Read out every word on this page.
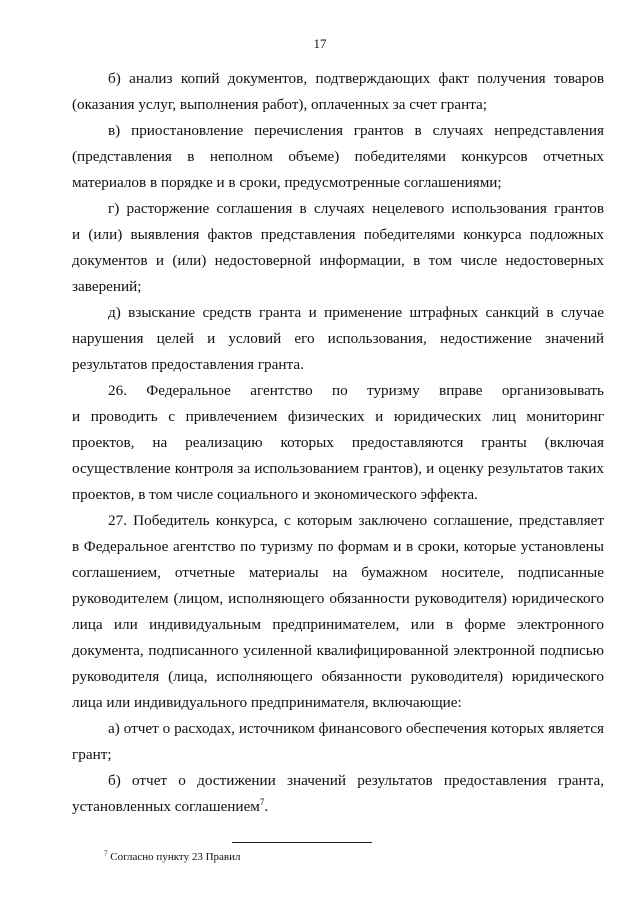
17
б) анализ копий документов, подтверждающих факт получения товаров
(оказания услуг, выполнения работ), оплаченных за счет гранта;
в) приостановление перечисления грантов в случаях непредставления
(представления в неполном объеме) победителями конкурсов отчетных
материалов в порядке и в сроки, предусмотренные соглашениями;
г) расторжение соглашения в случаях нецелевого использования грантов
и (или) выявления фактов представления победителями конкурса подложных
документов и (или) недостоверной информации, в том числе недостоверных
заверений;
д) взыскание средств гранта и применение штрафных санкций в случае
нарушения целей и условий его использования, недостижение значений
результатов предоставления гранта.
26. Федеральное агентство по туризму вправе организовывать
и проводить с привлечением физических и юридических лиц мониторинг
проектов, на реализацию которых предоставляются гранты (включая
осуществление контроля за использованием грантов), и оценку результатов таких
проектов, в том числе социального и экономического эффекта.
27. Победитель конкурса, с которым заключено соглашение, представляет
в Федеральное агентство по туризму по формам и в сроки, которые установлены
соглашением, отчетные материалы на бумажном носителе, подписанные
руководителем (лицом, исполняющего обязанности руководителя) юридического
лица или индивидуальным предпринимателем, или в форме электронного
документа, подписанного усиленной квалифицированной электронной подписью
руководителя (лица, исполняющего обязанности руководителя) юридического
лица или индивидуального предпринимателя, включающие:
а) отчет о расходах, источником финансового обеспечения которых является
грант;
б) отчет о достижении значений результатов предоставления гранта,
установленных соглашением$^7$.
$^7$ Согласно пункту 23 Правил
